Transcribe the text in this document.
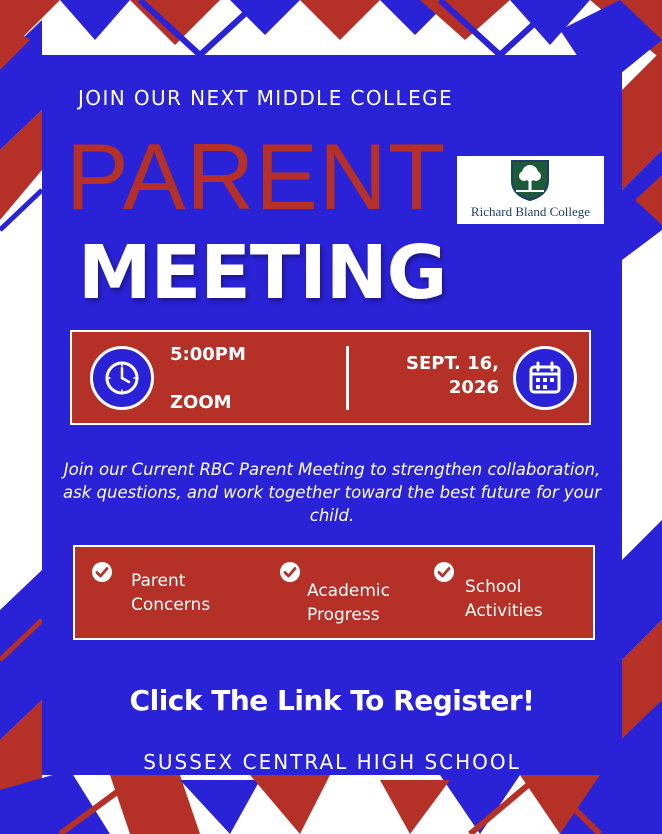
JOIN OUR NEXT MIDDLE COLLEGE
PARENT	Richard Bland College
MEETING
5:00PM
ZOOM
SEPT. 16,
2026
Join our Current RBC Parent Meeting to strengthen collaboration, ask questions, and work together toward the best future for your child.
Parent
Concerns
Academic
Progress
School
Activities
Click The Link To Register!
SUSSEX CENTRAL HIGH SCHOOL
